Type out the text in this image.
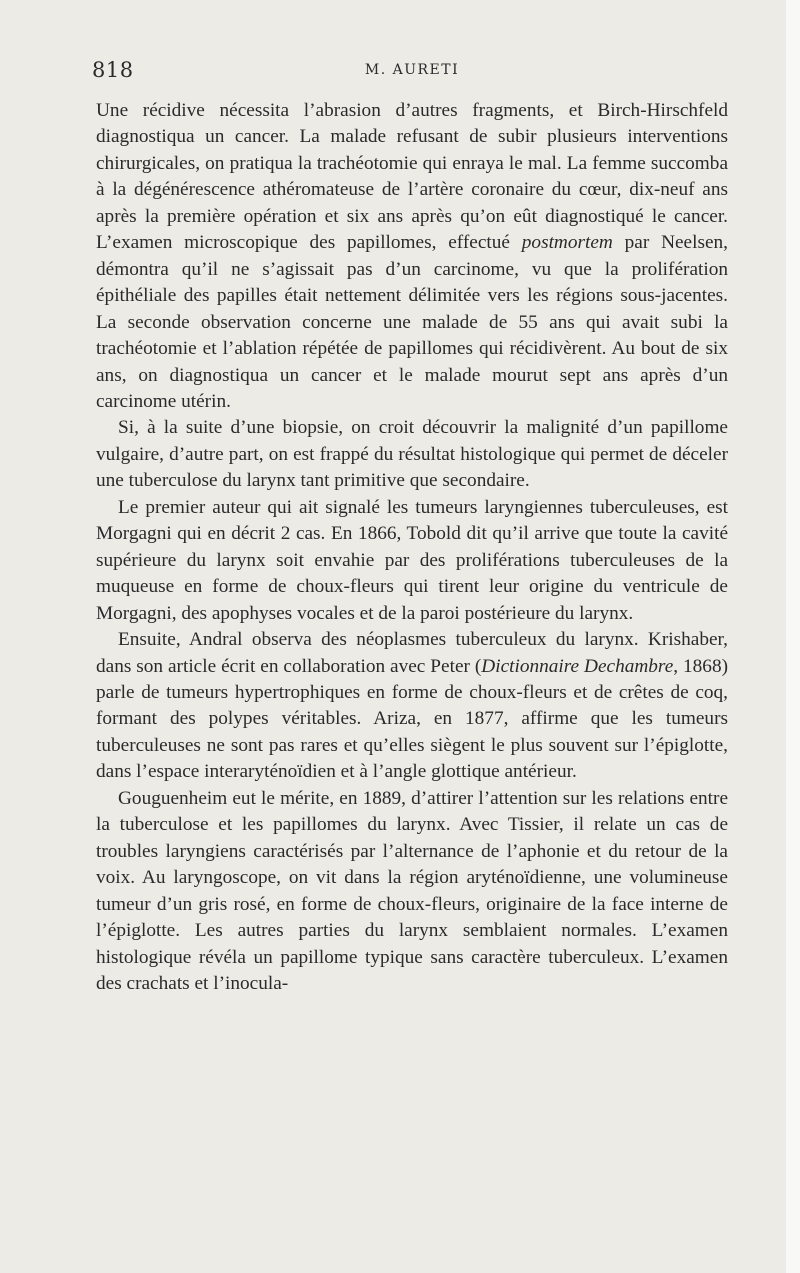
818	M. AURETI

Une récidive nécessita l’abrasion d’autres fragments, et Birch-Hirschfeld diagnostiqua un cancer. La malade refusant de subir plusieurs interventions chirurgicales, on pratiqua la trachéotomie qui enraya le mal. La femme succomba à la dégénérescence athéromateuse de l’artère coronaire du cœur, dix-neuf ans après la première opération et six ans après qu’on eût diagnostiqué le cancer. L’examen microscopique des papillomes, effectué postmortem par Neelsen, démontra qu’il ne s’agissait pas d’un carcinome, vu que la prolifération épithéliale des papilles était nettement délimitée vers les régions sous-jacentes. La seconde observation concerne une malade de 55 ans qui avait subi la trachéotomie et l’ablation répétée de papillomes qui récidivèrent. Au bout de six ans, on diagnostiqua un cancer et le malade mourut sept ans après d’un carcinome utérin.

Si, à la suite d’une biopsie, on croit découvrir la malignité d’un papillome vulgaire, d’autre part, on est frappé du résultat histologique qui permet de déceler une tuberculose du larynx tant primitive que secondaire.

Le premier auteur qui ait signalé les tumeurs laryngiennes tuberculeuses, est Morgagni qui en décrit 2 cas. En 1866, Tobold dit qu’il arrive que toute la cavité supérieure du larynx soit envahie par des proliférations tuberculeuses de la muqueuse en forme de choux-fleurs qui tirent leur origine du ventricule de Morgagni, des apophyses vocales et de la paroi postérieure du larynx.

Ensuite, Andral observa des néoplasmes tuberculeux du larynx. Krishaber, dans son article écrit en collaboration avec Peter (Dictionnaire Dechambre, 1868) parle de tumeurs hypertrophiques en forme de choux-fleurs et de crêtes de coq, formant des polypes véritables. Ariza, en 1877, affirme que les tumeurs tuberculeuses ne sont pas rares et qu’elles siègent le plus souvent sur l’épiglotte, dans l’espace interaryténoïdien et à l’angle glottique antérieur.

Gouguenheim eut le mérite, en 1889, d’attirer l’attention sur les relations entre la tuberculose et les papillomes du larynx. Avec Tissier, il relate un cas de troubles laryngiens caractérisés par l’alternance de l’aphonie et du retour de la voix. Au laryngoscope, on vit dans la région aryténoïdienne, une volumineuse tumeur d’un gris rosé, en forme de choux-fleurs, originaire de la face interne de l’épiglotte. Les autres parties du larynx semblaient normales. L’examen histologique révéla un papillome typique sans caractère tuberculeux. L’examen des crachats et l’inocula-
